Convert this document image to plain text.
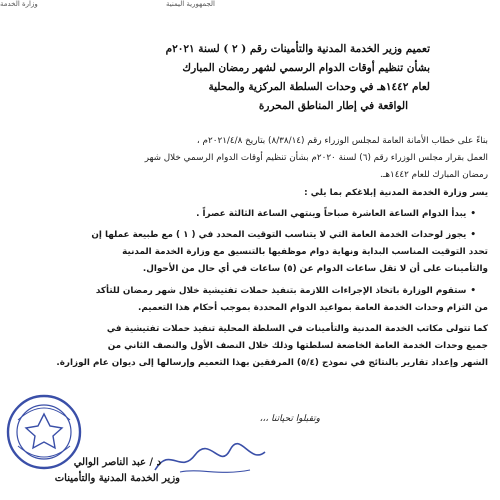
الجمهورية اليمنية
وزارة الخدمة
تعميم وزير الخدمة المدنية والتأمينات رقم ( ٢ ) لسنة ٢٠٢١م
بشأن تنظيم أوقات الدوام الرسمي لشهر رمضان المبارك
لعام ١٤٤٢هـ في وحدات السلطة المركزية والمحلية
الواقعة في إطار المناطق المحررة

بناءً على خطاب الأمانة العامة لمجلس الوزراء رقم (٨/٣٨/١٤) بتاريخ ٢٠٢١/٤/٨م ،

العمل بقرار مجلس الوزراء رقم (٦) لسنة ٢٠٢٠م بشأن تنظيم أوقات الدوام الرسمي خلال شهر

رمضان المبارك للعام ١٤٤٢هـ.

يسر وزارة الخدمة المدنية إبلاغكم بما يلي :

•يبدأ الدوام الساعة العاشرة صباحاً وينتهي الساعة الثالثة عصراً .

•يجوز لوحدات الخدمة العامة التي لا يتناسب التوقيت المحدد في ( ١ ) مع طبيعة عملها إن

تحدد التوقيت المناسب البداية ونهاية دوام موظفيها بالتنسيق مع وزارة الخدمة المدنية

والتأمينات على أن لا تقل ساعات الدوام عن (٥) ساعات في أي حال من الأحوال.

•ستقوم الوزارة باتخاذ الإجراءات اللازمة بتنفيذ حملات تفتيشية خلال شهر رمضان للتأكد

من التزام وحدات الخدمة العامة بمواعيد الدوام المحددة بموجب أحكام هذا التعميم.

كما تتولى مكاتب الخدمة المدنية والتأمينات في السلطة المحلية تنفيذ حملات تفتيشية في

جميع وحدات الخدمة العامة الخاضعة لسلطتها وذلك خلال النصف الأول والنصف الثاني من

الشهر وإعداد تقارير بالنتائج في نموذج (٥/٤) المرفقين بهذا التعميم وإرسالها إلى ديوان عام الوزارة.

وتقبلوا تحياتنا ،،،
د / عبد الناصر الوالي
وزير الخدمة المدنية والتأمينات
